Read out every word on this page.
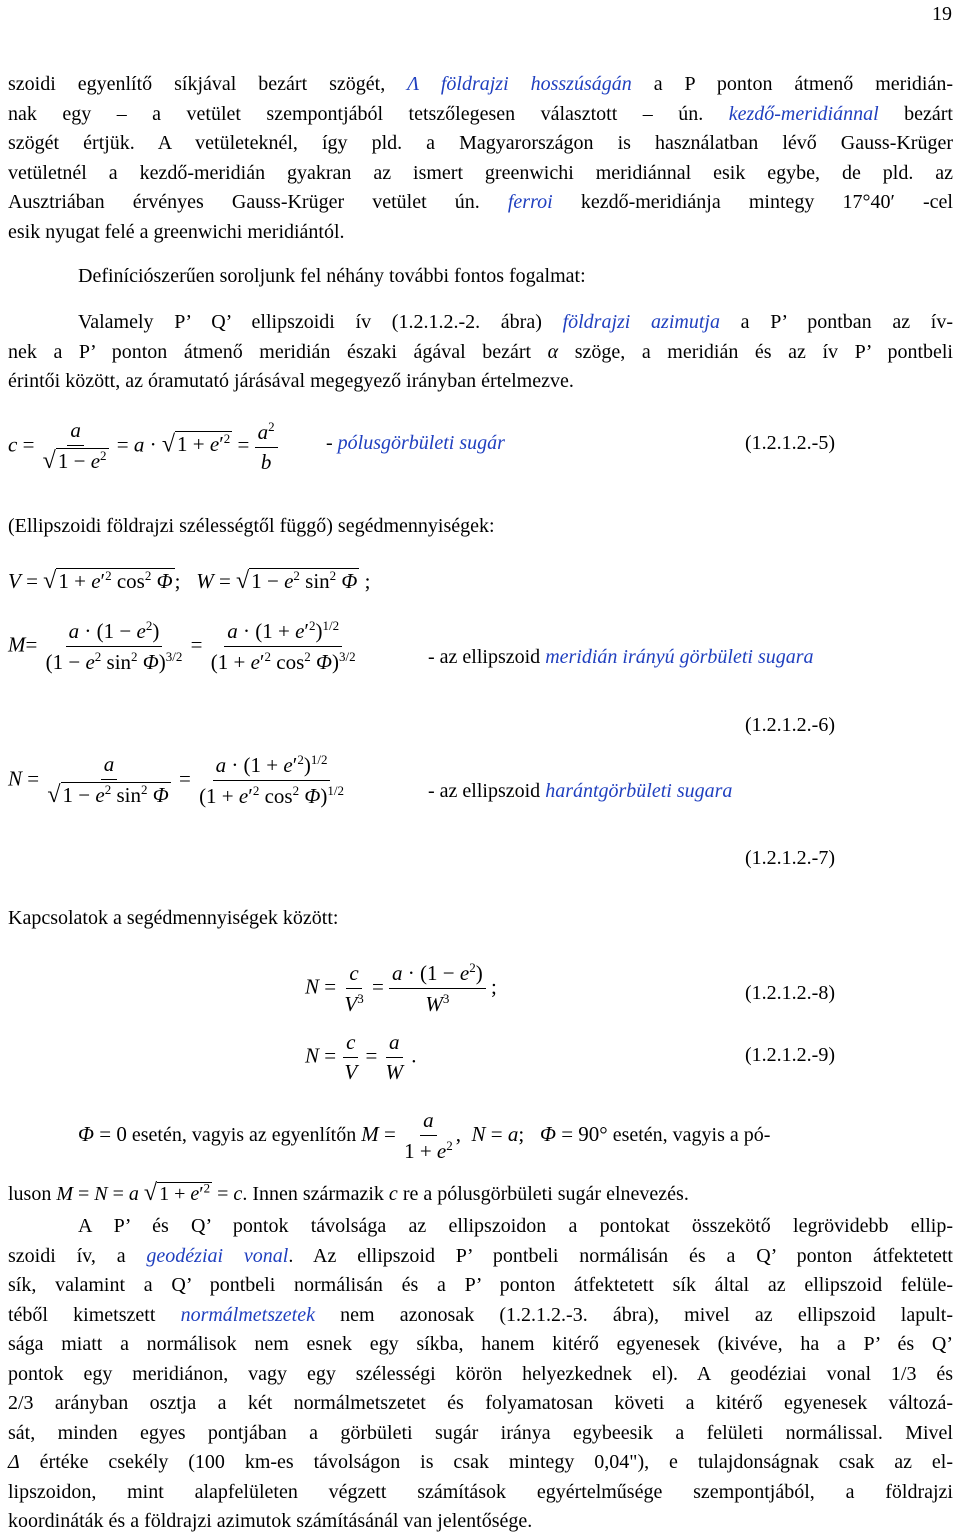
19
szoidi egyenlítő síkjával bezárt szögét, Λ földrajzi hosszúságán a P ponton átmenő meridián-
nak egy – a vetület szempontjából tetszőlegesen választott – ún. kezdő-meridiánnal bezárt
szögét értjük. A vetületeknél, így pld. a Magyarországon is használatban lévő Gauss-Krüger
vetületnél a kezdő-meridián gyakran az ismert greenwichi meridiánnal esik egybe, de pld. az
Ausztriában érvényes Gauss-Krüger vetület ún. ferroi kezdő-meridiánja mintegy 17°40′ -cel
esik nyugat felé a greenwichi meridiántól.
Definíciószerűen soroljunk fel néhány további fontos fogalmat:
Valamely P’ Q’ ellipszoidi ív (1.2.1.2.-2. ábra) földrajzi azimutja a P’ pontban az ív-
nek a P’ ponton átmenő meridián északi ágával bezárt α szöge, a meridián és az ív P’ pontbeli
érintői között, az óramutató járásával megegyező irányban értelmezve.
$c = \frac{a}{√1 - e^2} = a \cdot √1 + e'^2 = \frac{a^2}{b}$ - pólusgörbületi sugár	(1.2.1.2.-5)
(Ellipszoidi földrajzi szélességtől függő) segédmennyiségek:
$V = √1 + e'^2$ $\cos^2 \Phi$;   $W = √1 - e^2$ $\sin^2 \Phi$ ;
$M= \frac{a \cdot (1 - e^2)}{(1 - e^2 \sin^2 \Phi)^{3/2}} = \frac{a \cdot (1 + e'^2)^{1/2}}{(1 + e'^2 \cos^2 \Phi)^{3/2}}$	- az ellipszoid meridián irányú görbületi sugara
(1.2.1.2.-6)
$N = \frac{a}{√1 - e^2 \sin^2 \Phi} = \frac{a \cdot (1 + e'^2)^{1/2}}{(1 + e'^2 \cos^2 \Phi)^{1/2}}$	- az ellipszoid harántgörbületi sugara
(1.2.1.2.-7)
Kapcsolatok a segédmennyiségek között:
$N = \frac{c}{V^3} = \frac{a \cdot (1 - e^2)}{W^3}$ ;	(1.2.1.2.-8)
$N = \frac{c}{V} = \frac{a}{W}$ .	(1.2.1.2.-9)
Φ = 0 esetén, vagyis az egyenlítőn $M = \frac{a}{1 + e^2}$ ,  N = a;   Φ = 90° esetén, vagyis a pó-
luson M = N = a √ $1 + e'^2 = c$. Innen származik c re a pólusgörbületi sugár elnevezés.
A P’ és Q’ pontok távolsága az ellipszoidon a pontokat összekötő legrövidebb ellip-
szoidi ív, a geodéziai vonal. Az ellipszoid P’ pontbeli normálisán és a Q’ ponton átfektetett
sík, valamint a Q’ pontbeli normálisán és a P’ ponton átfektetett sík által az ellipszoid felüle-
téből kimetszett normálmetszetek nem azonosak (1.2.1.2.-3. ábra), mivel az ellipszoid lapult-
sága miatt a normálisok nem esnek egy síkba, hanem kitérő egyenesek (kivéve, ha a P’ és Q’
pontok egy meridiánon, vagy egy szélességi körön helyezkednek el). A geodéziai vonal 1/3 és
2/3 arányban osztja a két normálmetszetet és folyamatosan követi a kitérő egyenesek változá-
sát, minden egyes pontjában a görbületi sugár iránya egybeesik a felületi normálissal. Mivel
Δ értéke csekély (100 km-es távolságon is csak mintegy 0,04"), e tulajdonságnak csak az el-
lipszoidon, mint alapfelületen végzett számítások egyértelműsége szempontjából, a földrajzi
koordináták és a földrajzi azimutok számításánál van jelentősége.
